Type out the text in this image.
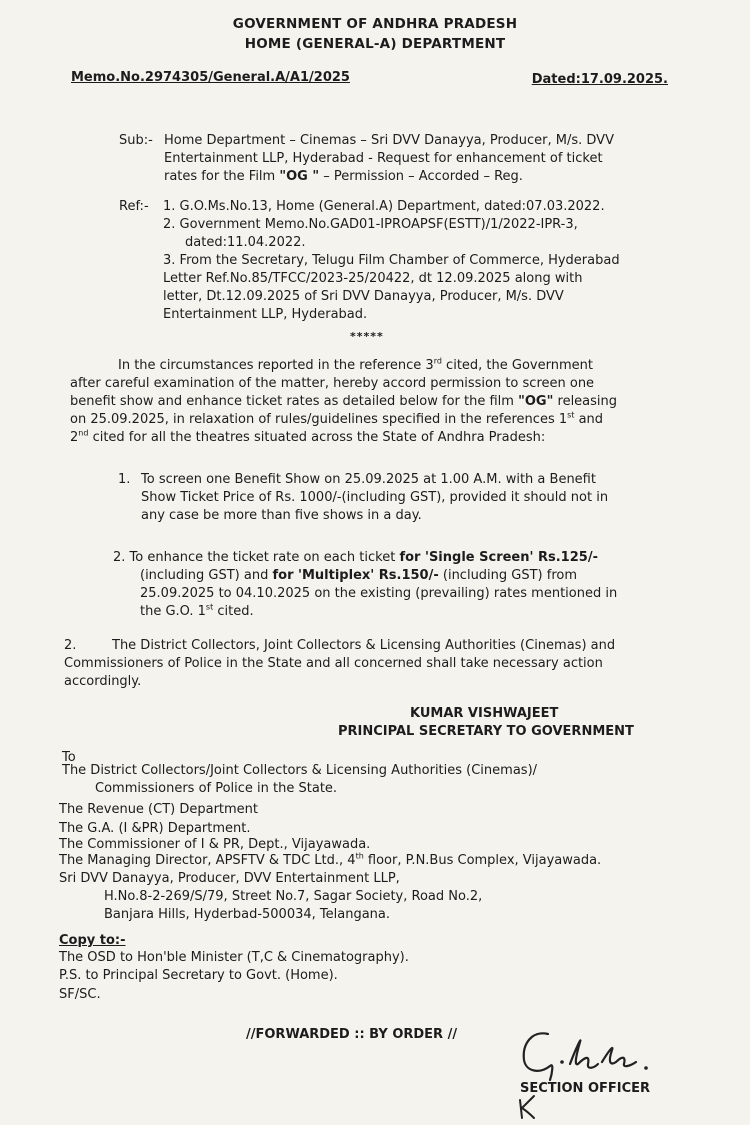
GOVERNMENT OF ANDHRA PRADESH

HOME (GENERAL-A) DEPARTMENT

Memo.No.2974305/General.A/A1/2025	Dated:17.09.2025.

Sub:- Home Department – Cinemas – Sri DVV Danayya, Producer, M/s. DVV

Entertainment LLP, Hyderabad - Request for enhancement of ticket

rates for the Film "OG " – Permission – Accorded – Reg.

Ref:- 1. G.O.Ms.No.13, Home (General.A) Department, dated:07.03.2022.

2. Government Memo.No.GAD01-IPROAPSF(ESTT)/1/2022-IPR-3,

dated:11.04.2022.

3. From the Secretary, Telugu Film Chamber of Commerce, Hyderabad

Letter Ref.No.85/TFCC/2023-25/20422, dt 12.09.2025 along with

letter, Dt.12.09.2025 of Sri DVV Danayya, Producer, M/s. DVV

Entertainment LLP, Hyderabad.

*****

In the circumstances reported in the reference 3rd cited, the Government

after careful examination of the matter, hereby accord permission to screen one

benefit show and enhance ticket rates as detailed below for the film "OG" releasing

on 25.09.2025, in relaxation of rules/guidelines specified in the references 1st and

2nd cited for all the theatres situated across the State of Andhra Pradesh:

1. To screen one Benefit Show on 25.09.2025 at 1.00 A.M. with a Benefit

Show Ticket Price of Rs. 1000/-(including GST), provided it should not in

any case be more than five shows in a day.

2. To enhance the ticket rate on each ticket for 'Single Screen' Rs.125/-

(including GST) and for 'Multiplex' Rs.150/- (including GST) from

25.09.2025 to 04.10.2025 on the existing (prevailing) rates mentioned in

the G.O. 1st cited.

2.	The District Collectors, Joint Collectors & Licensing Authorities (Cinemas) and

Commissioners of Police in the State and all concerned shall take necessary action

accordingly.

KUMAR VISHWAJEET

PRINCIPAL SECRETARY TO GOVERNMENT

To

The District Collectors/Joint Collectors & Licensing Authorities (Cinemas)/

Commissioners of Police in the State.

The Revenue (CT) Department

The G.A. (I &PR) Department.

The Commissioner of I & PR, Dept., Vijayawada.

The Managing Director, APSFTV & TDC Ltd., 4th floor, P.N.Bus Complex, Vijayawada.

Sri DVV Danayya, Producer, DVV Entertainment LLP,

H.No.8-2-269/S/79, Street No.7, Sagar Society, Road No.2,

Banjara Hills, Hyderbad-500034, Telangana.

Copy to:-

The OSD to Hon'ble Minister (T,C & Cinematography).

P.S. to Principal Secretary to Govt. (Home).

SF/SC.

//FORWARDED :: BY ORDER //

SECTION OFFICER
